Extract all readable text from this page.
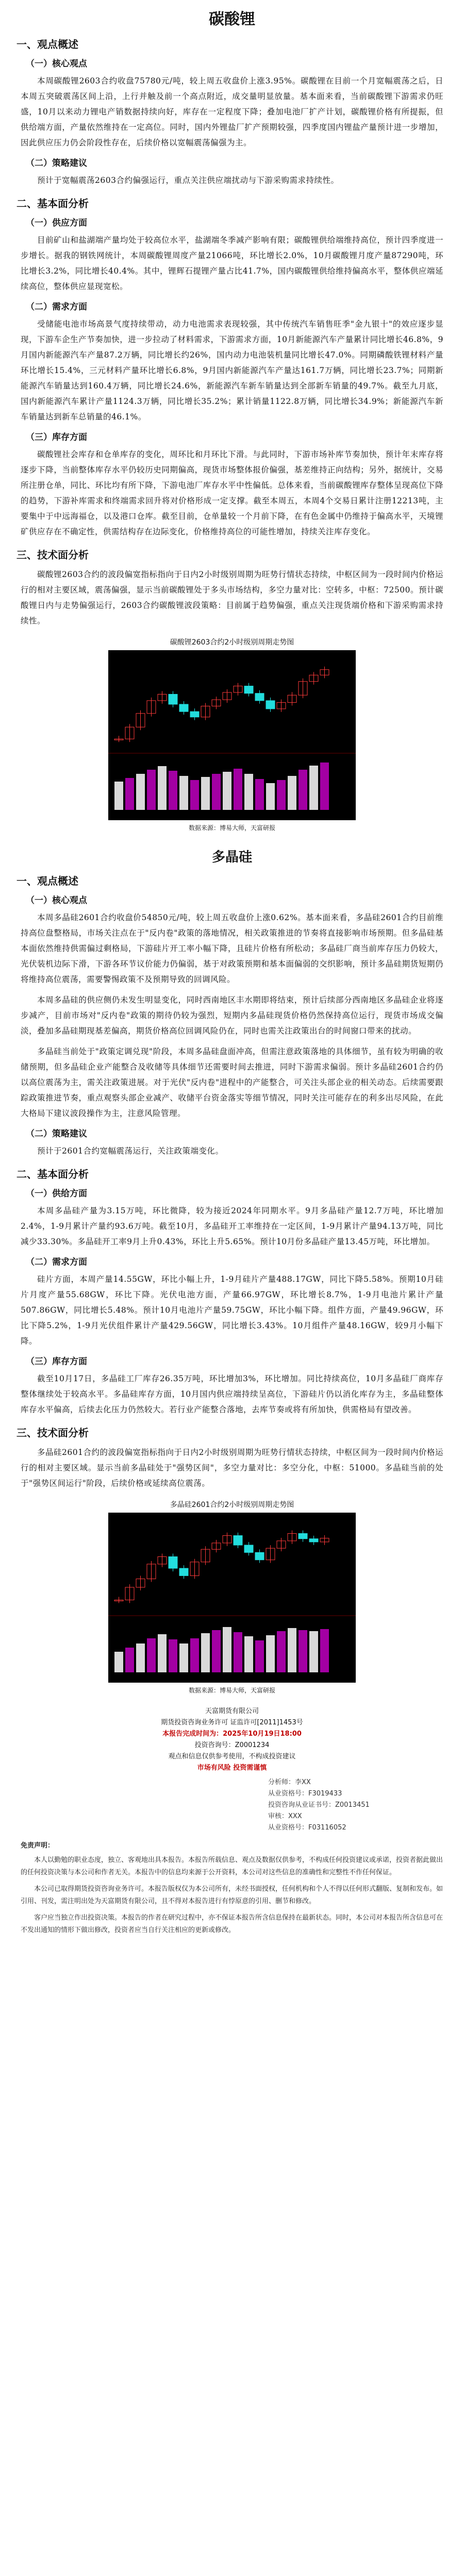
碳酸锂
一、观点概述
（一）核心观点

本周碳酸锂2603合约收盘75780元/吨，较上周五收盘价上涨3.95%。碳酸锂在目前一个月宽幅震荡之后，日本周五突破震荡区间上沿，上行并触及前一个高点附近，成交量明显放量。基本面来看，当前碳酸锂下游需求仍旺盛，10月以来动力锂电产销数据持续向好，库存在一定程度下降；叠加电池厂扩产计划，碳酸锂价格有所提振，但供给端方面，产量依然维持在一定高位。同时，国内外锂盐厂扩产预期较强，四季度国内锂盐产量预计进一步增加，因此供应压力仍会阶段性存在，后续价格以宽幅震荡偏强为主。

（二）策略建议

预计于宽幅震荡2603合约偏强运行，重点关注供应端扰动与下游采购需求持续性。

二、基本面分析
（一）供应方面

目前矿山和盐湖端产量均处于较高位水平，盐湖端冬季减产影响有限；碳酸锂供给端维持高位，预计四季度进一步增长。据我的钢铁网统计，本周碳酸锂周度产量21066吨，环比增长2.0%，10月碳酸锂月度产量87290吨，环比增长3.2%，同比增长40.4%。其中，锂辉石提锂产量占比41.7%，国内碳酸锂供给维持偏高水平，整体供应端延续高位，整体供应显现宽松。

（二）需求方面

受储能电池市场高景气度持续带动，动力电池需求表现较强，其中传统汽车销售旺季"金九银十"的效应逐步显现，下游车企生产节奏加快，进一步拉动了材料需求，下游需求方面，10月新能源汽车产量累计同比增长46.8%，9月国内新能源汽车产量87.2万辆，同比增长约26%，国内动力电池装机量同比增长47.0%。同期磷酸铁锂材料产量环比增长15.4%，三元材料产量环比增长6.8%，9月国内新能源汽车产量达161.7万辆，同比增长23.7%；同期新能源汽车销量达到160.4万辆，同比增长24.6%，新能源汽车新车销量达到全部新车销量的49.7%。截至九月底，国内新能源汽车累计产量1124.3万辆，同比增长35.2%；累计销量1122.8万辆，同比增长34.9%；新能源汽车新车销量达到新车总销量的46.1%。

（三）库存方面

碳酸锂社会库存和仓单库存的变化，周环比和月环比下滑。与此同时，下游市场补库节奏加快，预计年末库存将逐步下降，当前整体库存水平仍较历史同期偏高，现货市场整体报价偏强，基差维持正向结构；另外，据统计，交易所注册仓单，同比、环比均有所下降，下游电池厂库存水平中性偏低。总体来看，当前碳酸锂库存整体呈现高位下降的趋势，下游补库需求和终端需求回升将对价格形成一定支撑。截至本周五，本周4个交易日累计注册12213吨，主要集中于中远海福仓，以及港口仓库。截至目前，仓单量较一个月前下降，在有色金属中仍维持于偏高水平，天境锂矿供应存在不确定性，供需结构存在边际变化，价格维持高位的可能性增加，持续关注库存变化。

三、技术面分析

碳酸锂2603合约的波段偏宽指标指向于日内2小时级别周期为旺势行情状态持续，中枢区间为一段时间内价格运行的相对主要区域，震荡偏强，显示当前碳酸锂处于多头市场结构，多空力量对比：空转多，中枢：72500。预计碳酸锂日内与走势偏强运行，2603合约碳酸锂波段策略：目前属于趋势偏强，重点关注现货端价格和下游采购需求持续性。

碳酸锂2603合约2小时级别周期走势图
数据来源：博易大师，天富研报
多晶硅
一、观点概述
（一）核心观点

本周多晶硅2601合约收盘价54850元/吨，较上周五收盘价上涨0.62%。基本面来看，多晶硅2601合约目前维持高位盘整格局，市场关注点在于"反内卷"政策的落地情况，相关政策推进的节奏将直接影响市场预期。但多晶硅基本面依然维持供需偏过剩格局，下游硅片开工率小幅下降，且硅片价格有所松动；多晶硅厂商当前库存压力仍较大，光伏装机边际下滑，下游各环节议价能力仍偏弱，基于对政策预期和基本面偏弱的交织影响，预计多晶硅期货短期仍将维持高位震荡，需要警惕政策不及预期导致的回调风险。

本周多晶硅的供应侧仍未发生明显变化，同时西南地区丰水期即将结束，预计后续部分西南地区多晶硅企业将逐步减产，目前市场对"反内卷"政策的期待仍较为强烈，短期内多晶硅现货价格仍然保持高位运行，现货市场成交偏淡，叠加多晶硅期现基差偏高，期货价格高位回调风险仍在，同时也需关注政策出台的时间窗口带来的扰动。

多晶硅当前处于"政策定调兑现"阶段，本周多晶硅盘面冲高，但需注意政策落地的具体细节，虽有较为明确的收储预期，但多晶硅企业产能整合及收储等具体细节还需要时间去推进，同时下游需求偏弱。预计多晶硅2601合约仍以高位震荡为主，需关注政策进展。对于光伏"反内卷"进程中的产能整合，可关注头部企业的相关动态。后续需要跟踪政策推进节奏，重点观察头部企业减产、收储平台资金落实等细节情况，同时关注可能存在的利多出尽风险，在此大格局下建议波段操作为主，注意风险管理。

（二）策略建议

预计于2601合约宽幅震荡运行，关注政策端变化。

二、基本面分析
（一）供给方面

本周多晶硅产量为3.15万吨，环比微降，较为接近2024年同期水平。9月多晶硅产量12.7万吨，环比增加2.4%，1-9月累计产量约93.6万吨。截至10月，多晶硅开工率维持在一定区间，1-9月累计产量94.13万吨，同比减少33.30%。多晶硅开工率9月上升0.43%，环比上升5.65%。预计10月份多晶硅产量13.45万吨，环比增加。

（二）需求方面

硅片方面，本周产量14.55GW，环比小幅上升，1-9月硅片产量488.17GW，同比下降5.58%。预期10月硅片月度产量55.68GW，环比下降。光伏电池方面，产量66.97GW，环比增长8.7%，1-9月电池片累计产量507.86GW，同比增长5.48%。预计10月电池片产量59.75GW，环比小幅下降。组件方面，产量49.96GW，环比下降5.2%，1-9月光伏组件累计产量429.56GW，同比增长3.43%。10月组件产量48.16GW，较9月小幅下降。

（三）库存方面

截至10月17日，多晶硅工厂库存26.35万吨，环比增加3%，环比增加。同比持续高位，10月多晶硅厂商库存整体继续处于较高水平。多晶硅库存方面，10月国内供应端持续呈高位，下游硅片仍以消化库存为主，多晶硅整体库存水平偏高，后续去化压力仍然较大。若行业产能整合落地，去库节奏或将有所加快，供需格局有望改善。

三、技术面分析

多晶硅2601合约的波段偏宽指标指向于日内2小时级别周期为旺势行情状态持续，中枢区间为一段时间内价格运行的相对主要区域。显示当前多晶硅处于"强势区间"，多空力量对比：多空分化，中枢：51000。多晶硅当前的处于"强势区间运行"阶段，后续价格或延续高位震荡。

多晶硅2601合约2小时级别周期走势图
数据来源：博易大师，天富研报
天富期货有限公司
期货投资咨询业务许可 证监许可[2011]1453号
本报告完成时间为：2025年10月19日18:00
投资咨询号：Z0001234
观点和信息仅供参考使用，不构成投资建议
市场有风险 投资需谨慎
分析师：李XX
从业资格号：F3019433
投资咨询从业证书号：Z0013451
审核：XXX
从业资格号：F03116052
免责声明：

本人以勤勉的职业态度，独立、客观地出具本报告。本报告所载信息、观点及数据仅供参考，不构成任何投资建议或承诺，投资者据此做出的任何投资决策与本公司和作者无关。本报告中的信息均来源于公开资料，本公司对这些信息的准确性和完整性不作任何保证。

本公司已取得期货投资咨询业务许可。本报告版权仅为本公司所有，未经书面授权，任何机构和个人不得以任何形式翻版、复制和发布。如引用、刊发，需注明出处为天富期货有限公司，且不得对本报告进行有悖原意的引用、删节和修改。

客户应当独立作出投资决策。本报告的作者在研究过程中，亦不保证本报告所含信息保持在最新状态。同时，本公司对本报告所含信息可在不发出通知的情形下做出修改，投资者应当自行关注相应的更新或修改。
